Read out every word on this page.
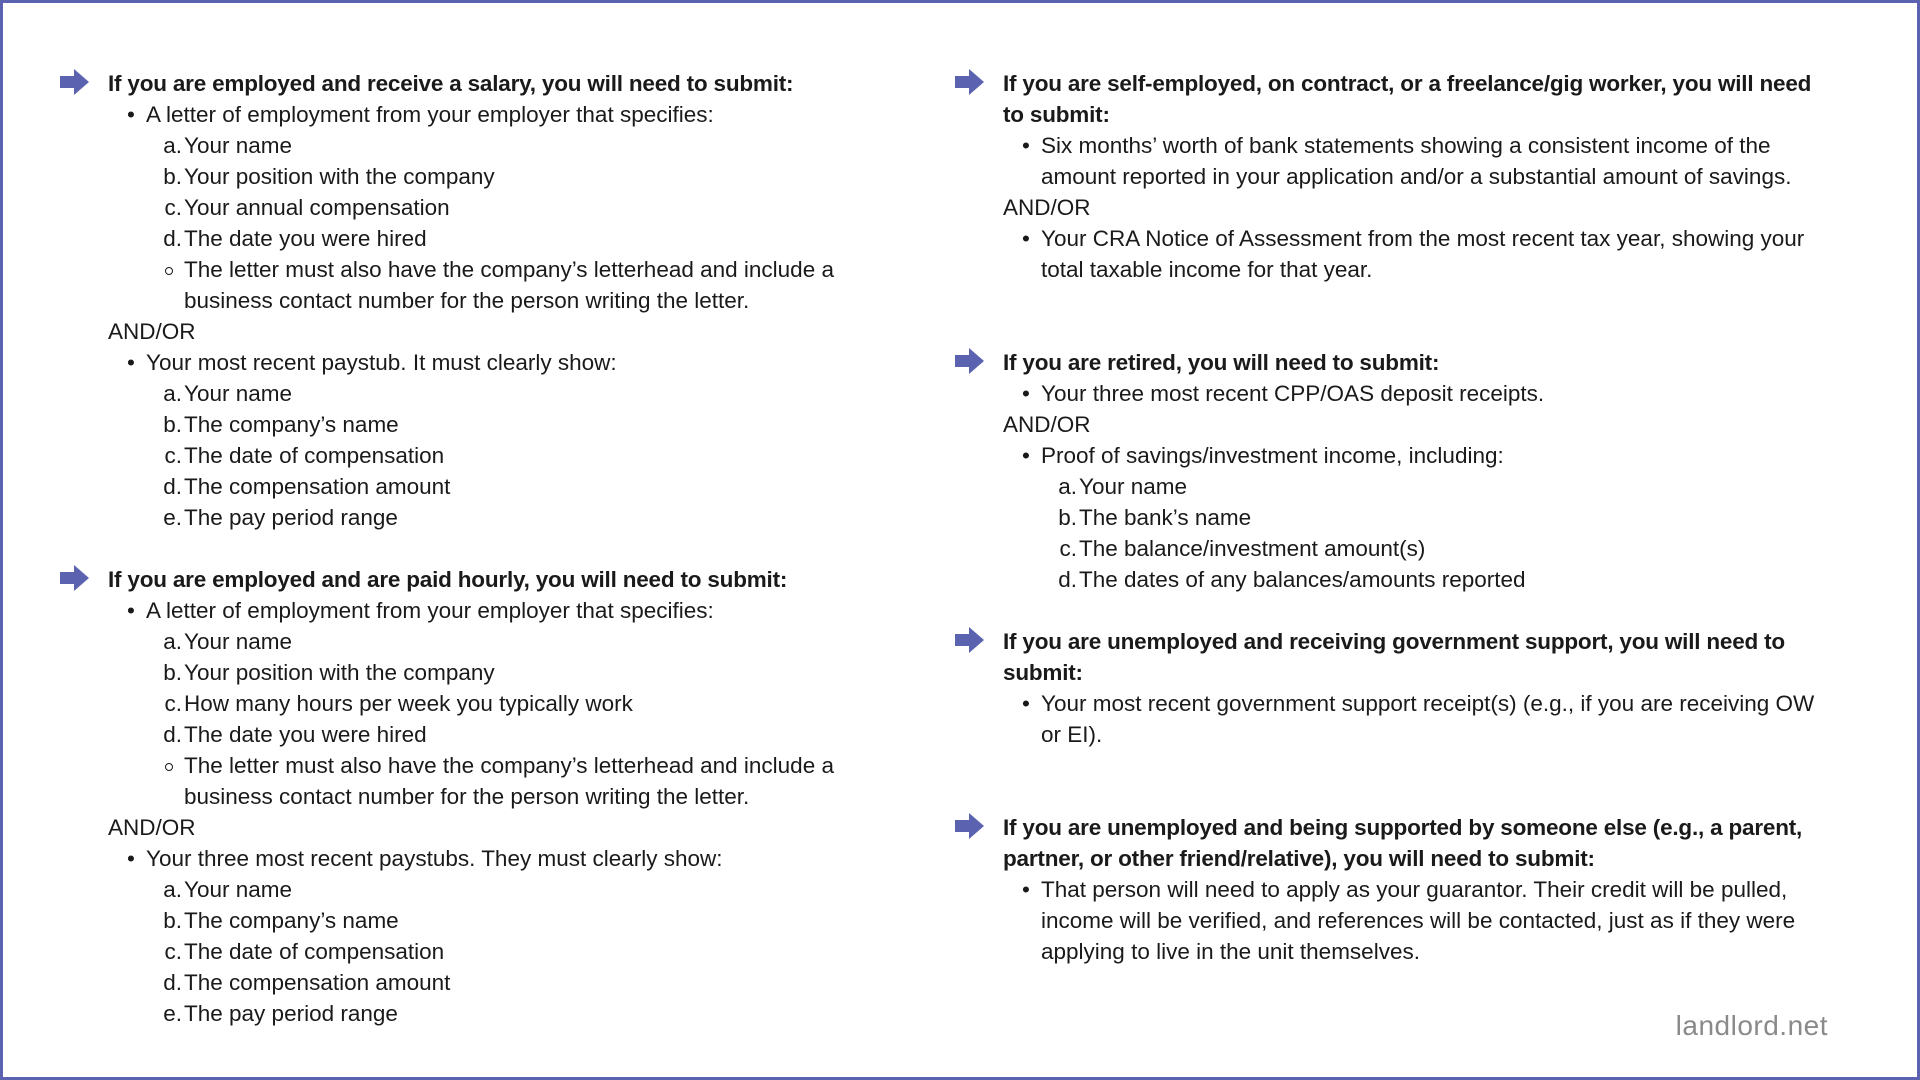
If you are employed and receive a salary, you will need to submit:
• A letter of employment from your employer that specifies:
a. Your name
b. Your position with the company
c. Your annual compensation
d. The date you were hired
The letter must also have the company’s letterhead and include a business contact number for the person writing the letter.
AND/OR
• Your most recent paystub. It must clearly show:
a. Your name
b. The company’s name
c. The date of compensation
d. The compensation amount
e. The pay period range
If you are employed and are paid hourly, you will need to submit:
• A letter of employment from your employer that specifies:
a. Your name
b. Your position with the company
c. How many hours per week you typically work
d. The date you were hired
The letter must also have the company’s letterhead and include a business contact number for the person writing the letter.
AND/OR
• Your three most recent paystubs. They must clearly show:
a. Your name
b. The company’s name
c. The date of compensation
d. The compensation amount
e. The pay period range
If you are self-employed, on contract, or a freelance/gig worker, you will need to submit:
• Six months’ worth of bank statements showing a consistent income of the amount reported in your application and/or a substantial amount of savings.
AND/OR
• Your CRA Notice of Assessment from the most recent tax year, showing your total taxable income for that year.
If you are retired, you will need to submit:
• Your three most recent CPP/OAS deposit receipts.
AND/OR
• Proof of savings/investment income, including:
a. Your name
b. The bank’s name
c. The balance/investment amount(s)
d. The dates of any balances/amounts reported
If you are unemployed and receiving government support, you will need to submit:
• Your most recent government support receipt(s) (e.g., if you are receiving OW or EI).
If you are unemployed and being supported by someone else (e.g., a parent, partner, or other friend/relative), you will need to submit:
• That person will need to apply as your guarantor. Their credit will be pulled, income will be verified, and references will be contacted, just as if they were applying to live in the unit themselves.
landlord.net
